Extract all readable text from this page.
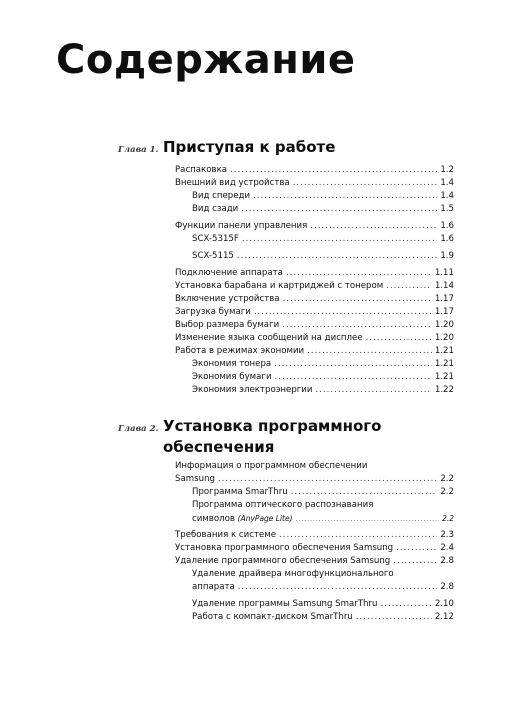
Содержание
Глава 1. Приступая к работе
Распаковка .....	1.2
Внешний вид устройства .....	1.4
Вид спереди .....	1.4
Вид сзади .....	1.5
Функции панели управления .....	1.6
SCX-5315F .....	1.6
SCX-5115 .....	1.9
Подключение аппарата .....	1.11
Установка барабана и картриджей с тонером .....	1.14
Включение устройства .....	1.17
Загрузка бумаги .....	1.17
Выбор размера бумаги .....	1.20
Изменение языка сообщений на дисплее .....	1.20
Работа в режимах экономии .....	1.21
Экономия тонера .....	1.21
Экономия бумаги .....	1.21
Экономия электроэнергии .....	1.22
Глава 2. Установка программного
обеспечения
Информация о программном обеспечении
Samsung .....	2.2
Программа SmarThru .....	2.2
Программа оптического распознавания
символов (AnyPage Lite) .....	2.2
Требования к системе .....	2.3
Установка программного обеспечения Samsung .....	2.4
Удаление программного обеспечения Samsung .....	2.8
Удаление драйвера многофункционального
аппарата .....	2.8
Удаление программы Samsung SmarThru .....	2.10
Работа с компакт-диском SmarThru .....	2.12
